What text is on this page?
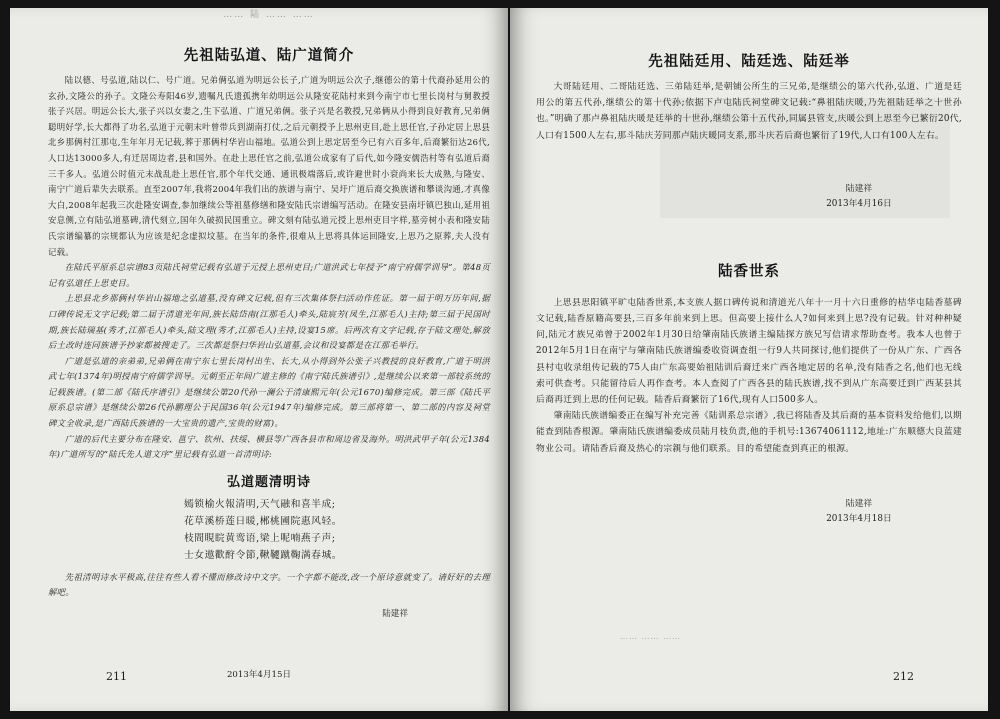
…… 陆 …… ……
先祖陆弘道、陆广道简介

陆以德、号弘道,陆以仁、号广道。兄弟俩弘道为明远公长子,广道为明远公次子,继德公的第十代裔孙延用公的玄孙,文隆公的孙子。文隆公寿阳46岁,遗嘱凡氏遗孤携年幼明远公从隆安花陆村来到今南宁市七里长岗村与舅教授张子兴居。明远公长大,张子兴以女妻之,生下弘道、广道兄弟俩。张子兴是名教授,兄弟俩从小得到良好教育,兄弟俩聪明好学,长大都得了功名,弘道于元朝末叶曾带兵到湖南打仗,之后元朝授予上思州吏目,赴上思任官,子孙定居上思县北乡那俩村江那屯,生年年月无记载,葬于那俩村华岩山福地。弘道公到上思定居至今已有六百多年,后裔繁衍达26代,人口达13000多人,有迁居周边者,县和国外。在赴上思任官之前,弘道公成家有了后代,如今隆安儒浩村等有弘道后裔三千多人。弘道公时值元末战乱赴上思任官,那个年代交通、通讯极端落后,或许避世时小衰尚来长大成熟,与隆安、南宁广道后辈失去联系。直至2007年,我将2004年我们出的族谱与南宁、吴圩广道后裔交换族谱和攀谈沟通,才真像大白,2008年起我三次赴隆安调查,参加继续公等祖墓修缮和隆安陆氏宗谱编写活动。在隆安县南圩镇巴独山,延用祖安息侧,立有陆弘道墓碑,清代刻立,国年久破损民国重立。碑文刻有陆弘道元授上思州吏目字样,墓旁树小表和隆安陆氏宗谱编纂的宗规都认为应该是纪念虚拟坟墓。在当年的条件,很难从上思将具体运回隆安,上思乃之原葬,夫人没有记载。

在陆氏平原系总宗谱83页陆氏祠堂记载有弘道于元授上思州吏目;广道洪武七年授予“南宁府儒学训导”。第48页记有弘道任上思吏目。

上思县北乡那俩村华岩山福地之弘道墓,没有碑文记载,但有三次集体祭扫活动作佐证。第一届于明万历年间,据口碑传说无文字记载;第二届于清道光年间,族长陆岱南(江那毛人)牵头,陆宸芳(凤生,江那毛人)主持;第三届于民国时期,族长陆瑞基(秀才,江那毛人)牵头,陆文理(秀才,江那毛人)主持,设宴15席。后两次有文字记载,存于陆文理处,解放后土改时连同族谱予抄家都被搜走了。三次都是祭扫华岩山弘道墓,会议和设宴都是在江那毛举行。

广道是弘道的亲弟弟,兄弟俩在南宁东七里长岗村出生、长大,从小得到外公张子兴教授的良好教育,广道于明洪武七年(1374年)明授南宁府儒学训导。元朝至正年间广道主修的《南宁陆氏族谱引》,是继续公以来第一部较系统的记载族谱。(第二部《陆氏序谱引》是继续公第20代孙一澜公于清康熙元年(公元1670)编修完成。第三部《陆氏平原系总宗谱》是继续公第26代孙鹏理公于民国36年(公元1947年)编修完成。第三部将第一、第二部的内容及祠堂碑文全收录,是广西陆氏族谱的一大宝贵的遗产,宝贵的财富)。

广道的后代主要分布在隆安、邕宁、钦州、扶绥、横县等广西各县市和周边省及海外。明洪武甲子年(公元1384年)广道所写的“陆氏先人道文序”里记载有弘道一首清明诗:

弘道题清明诗
嫣锁榆火報清明,天气融和喜半成;
花草溪桥莲日暖,郴桃圃院惠风轻。
枝間睍睆黄鸾语,梁上呢喃燕子声;
士女遨歡酧令節,鞦韆蹴鞠满春城。

先祖清明诗水平极高,往往有些人看不懂而修改诗中文字。一个字都不能改,改一个原诗意就变了。请好好的去理解吧。

陆建祥
211	2013年4月15日
先祖陆廷用、陆廷选、陆廷举

大哥陆廷用、二哥陆廷选、三弟陆廷举,是朝铺公所生的三兄弟,是继绩公的第六代孙,弘道、广道是廷用公的第五代孙,继绩公的第十代孙;依据下卢屯陆氏祠堂碑文记载:“鼻祖陆庆暖,乃先祖陆廷举之十世孙也。”明确了那卢鼻祖陆庆暖是廷举的十世孙,继绩公第十五代孙,同属县管支,庆暖公到上思至今已繁衍20代,人口有1500人左右,那斗陆庆芳同那卢陆庆暖同支系,那斗庆若后裔也繁衍了19代,人口有100人左右。

陆建祥
2013年4月16日
陆香世系

上思县思阳镇平旷屯陆香世系,本支族人据口碑传说和清道光八年十一月十六日重修的桔华屯陆香墓碑文记载,陆香原籍高要县,三百多年前来到上思。但高要上接什么人?如何来到上思?没有记载。针对种种疑问,陆元才族兄弟曾于2002年1月30日给肇南陆氏族谱主编陆探方族兄写信请求帮助查考。我本人也曾于2012年5月1日在南宁与肇南陆氏族谱编委收资调查组一行9人共同探讨,他们提供了一份从广东、广西各县村屯收录组传记载的75人由广东高要始祖陆训后裔迁来广西各地定居的名单,没有陆香之名,他们也无线索可供查考。只能留待后人再作查考。本人查阅了广西各县的陆氏族谱,找不到从广东高要迁到广西某县其后裔再迁到上思的任何记载。陆香后裔繁衍了16代,现有人口500多人。

肇南陆氏族谱编委正在编写补充完善《陆训系总宗谱》,我已将陆香及其后裔的基本资料发给他们,以期能查到陆香根源。肇南陆氏族谱编委成员陆月枝负责,他的手机号:13674061112,地址:广东顺德大良蓝建物业公司。请陆香后裔及热心的宗親与他们联系。目的希望能查到真正的根源。

陆建祥
2013年4月18日
…… …… ……
212
